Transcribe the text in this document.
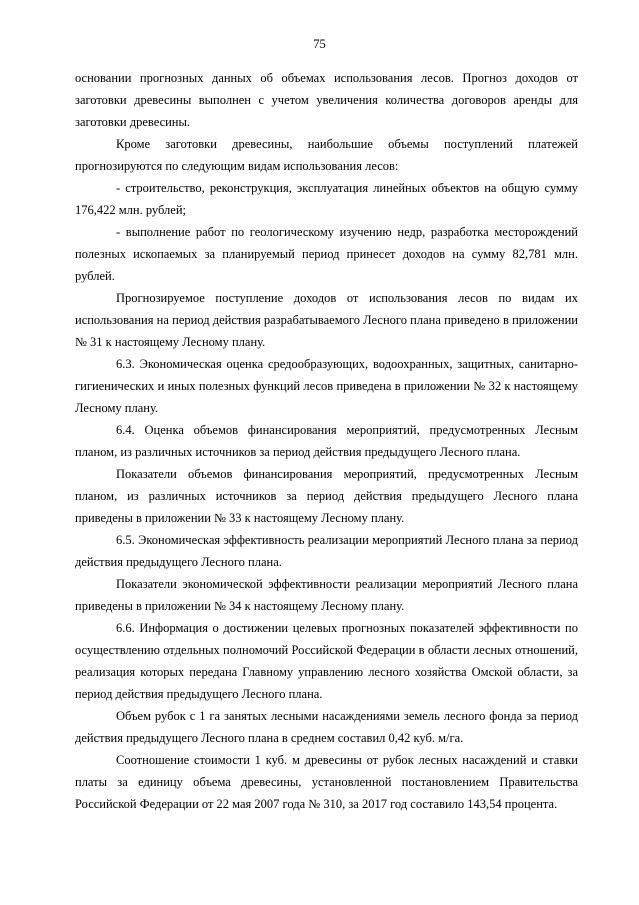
75

основании прогнозных данных об объемах использования лесов. Прогноз доходов от заготовки древесины выполнен с учетом увеличения количества договоров аренды для заготовки древесины.

Кроме заготовки древесины, наибольшие объемы поступлений платежей прогнозируются по следующим видам использования лесов:

- строительство, реконструкция, эксплуатация линейных объектов на общую сумму 176,422 млн. рублей;

- выполнение работ по геологическому изучению недр, разработка месторождений полезных ископаемых за планируемый период принесет доходов на сумму 82,781 млн. рублей.

Прогнозируемое поступление доходов от использования лесов по видам их использования на период действия разрабатываемого Лесного плана приведено в приложении № 31 к настоящему Лесному плану.

6.3. Экономическая оценка средообразующих, водоохранных, защитных, санитарно-гигиенических и иных полезных функций лесов приведена в приложении № 32 к настоящему Лесному плану.

6.4. Оценка объемов финансирования мероприятий, предусмотренных Лесным планом, из различных источников за период действия предыдущего Лесного плана.

Показатели объемов финансирования мероприятий, предусмотренных Лесным планом, из различных источников за период действия предыдущего Лесного плана приведены в приложении № 33 к настоящему Лесному плану.

6.5. Экономическая эффективность реализации мероприятий Лесного плана за период действия предыдущего Лесного плана.

Показатели экономической эффективности реализации мероприятий Лесного плана приведены в приложении № 34 к настоящему Лесному плану.

6.6. Информация о достижении целевых прогнозных показателей эффективности по осуществлению отдельных полномочий Российской Федерации в области лесных отношений, реализация которых передана Главному управлению лесного хозяйства Омской области, за период действия предыдущего Лесного плана.

Объем рубок с 1 га занятых лесными насаждениями земель лесного фонда за период действия предыдущего Лесного плана в среднем составил 0,42 куб. м/га.

Соотношение стоимости 1 куб. м древесины от рубок лесных насаждений и ставки платы за единицу объема древесины, установленной постановлением Правительства Российской Федерации от 22 мая 2007 года № 310, за 2017 год составило 143,54 процента.
